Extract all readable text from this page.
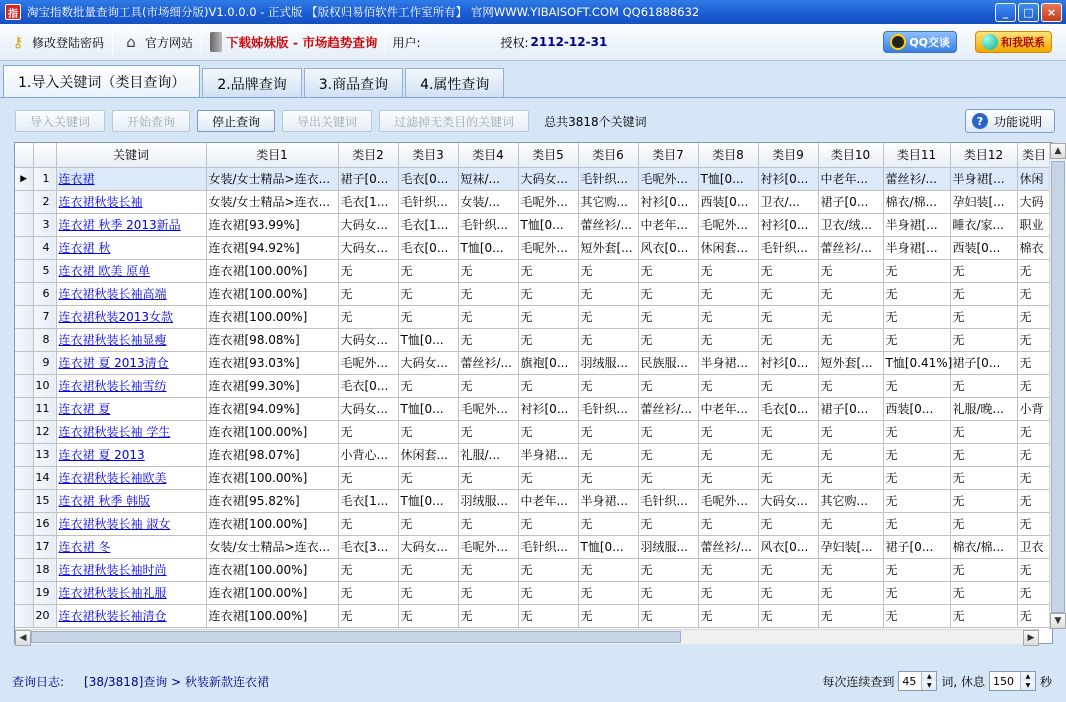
指 淘宝指数批量查询工具(市场细分版)V1.0.0.0 - 正式版 【版权归易佰软件工作室所有】 官网WWW.YIBAISOFT.COM QQ61888632	_	□	×
⚷ 修改登陆密码	⌂ 官方网站	下载姊妹版 - 市场趋势查询 用户:	授权: 2112-12-31	QQ交谈	和我联系
1.导入关键词（类目查询）	2.品牌查询	3.商品查询	4.属性查询
导入关键词	开始查询	停止查询	导出关键词	过滤掉无类目的关键词	总共3818个关键词	? 功能说明
		关键词	类目1	类目2	类目3	类目4	类目5	类目6	类目7	类目8	类目9	类目10	类目11	类目12	类目
▶	1	连衣裙	女装/女士精品>连衣...	裙子[0...	毛衣[0...	短袜/...	大码女...	毛针织...	毛呢外...	T恤[0...	衬衫[0...	中老年...	蕾丝衫/...	半身裙[...	休闲
	2	连衣裙秋装长袖	女装/女士精品>连衣...	毛衣[1...	毛针织...	女装/...	毛呢外...	其它购...	衬衫[0...	西装[0...	卫衣/...	裙子[0...	棉衣/棉...	孕妇装[...	大码
	3	连衣裙 秋季 2013新品	连衣裙[93.99%]	大码女...	毛衣[1...	毛针织...	T恤[0...	蕾丝衫/...	中老年...	毛呢外...	衬衫[0...	卫衣/绒...	半身裙[...	睡衣/家...	职业
	4	连衣裙 秋	连衣裙[94.92%]	大码女...	毛衣[0...	T恤[0...	毛呢外...	短外套[...	风衣[0...	休闲套...	毛针织...	蕾丝衫/...	半身裙[...	西装[0...	棉衣
	5	连衣裙 欧美 原单	连衣裙[100.00%]	无	无	无	无	无	无	无	无	无	无	无	无
	6	连衣裙秋装长袖高端	连衣裙[100.00%]	无	无	无	无	无	无	无	无	无	无	无	无
	7	连衣裙秋装2013女款	连衣裙[100.00%]	无	无	无	无	无	无	无	无	无	无	无	无
	8	连衣裙秋装长袖显瘦	连衣裙[98.08%]	大码女...	T恤[0...	无	无	无	无	无	无	无	无	无	无
	9	连衣裙 夏 2013清仓	连衣裙[93.03%]	毛呢外...	大码女...	蕾丝衫/...	旗袍[0...	羽绒服...	民族服...	半身裙...	衬衫[0...	短外套[...	T恤[0.41%]	裙子[0...	无
	10	连衣裙秋装长袖雪纺	连衣裙[99.30%]	毛衣[0...	无	无	无	无	无	无	无	无	无	无	无
	11	连衣裙 夏	连衣裙[94.09%]	大码女...	T恤[0...	毛呢外...	衬衫[0...	毛针织...	蕾丝衫/...	中老年...	毛衣[0...	裙子[0...	西装[0...	礼服/晚...	小背
	12	连衣裙秋装长袖 学生	连衣裙[100.00%]	无	无	无	无	无	无	无	无	无	无	无	无
	13	连衣裙 夏 2013	连衣裙[98.07%]	小背心...	休闲套...	礼服/...	半身裙...	无	无	无	无	无	无	无	无
	14	连衣裙秋装长袖欧美	连衣裙[100.00%]	无	无	无	无	无	无	无	无	无	无	无	无
	15	连衣裙 秋季 韩版	连衣裙[95.82%]	毛衣[1...	T恤[0...	羽绒服...	中老年...	半身裙...	毛针织...	毛呢外...	大码女...	其它购...	无	无	无
	16	连衣裙秋装长袖 淑女	连衣裙[100.00%]	无	无	无	无	无	无	无	无	无	无	无	无
	17	连衣裙 冬	女装/女士精品>连衣...	毛衣[3...	大码女...	毛呢外...	毛针织...	T恤[0...	羽绒服...	蕾丝衫/...	风衣[0...	孕妇装[...	裙子[0...	棉衣/棉...	卫衣
	18	连衣裙秋装长袖时尚	连衣裙[100.00%]	无	无	无	无	无	无	无	无	无	无	无	无
	19	连衣裙秋装长袖礼服	连衣裙[100.00%]	无	无	无	无	无	无	无	无	无	无	无	无
	20	连衣裙秋装长袖清仓	连衣裙[100.00%]	无	无	无	无	无	无	无	无	无	无	无	无
▲
▼
◀	▶
查询日志: [38/3818]查询 > 秋装新款连衣裙	每次连续查到
45	▲
▼ 词, 休息
150	▲
▼ 秒
